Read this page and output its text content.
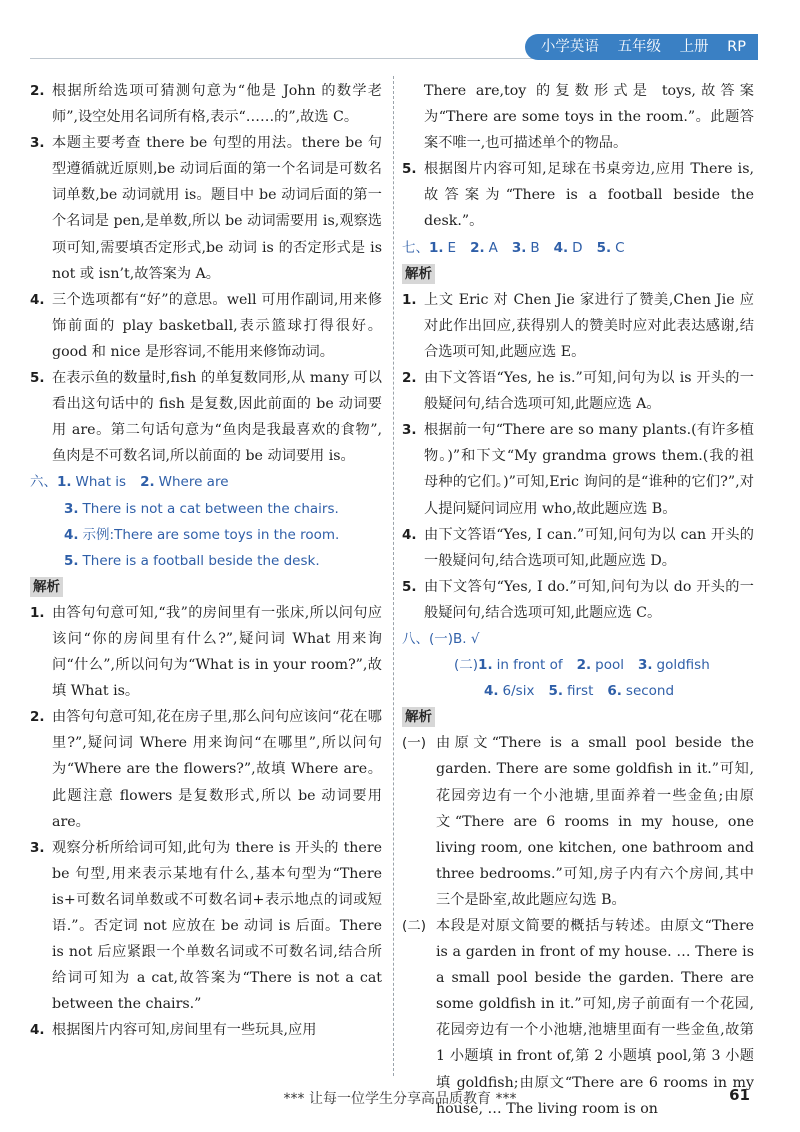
小学英语 五年级 上册 RP
2. 根据所给选项可猜测句意为“他是 John 的数学老师”,设空处用名词所有格,表示“……的”,故选 C。
3. 本题主要考查 there be 句型的用法。there be 句型遵循就近原则,be 动词后面的第一个名词是可数名词单数,be 动词就用 is。题目中 be 动词后面的第一个名词是 pen,是单数,所以 be 动词需要用 is,观察选项可知,需要填否定形式,be 动词 is 的否定形式是 is not 或 isn’t,故答案为 A。
4. 三个选项都有“好”的意思。well 可用作副词,用来修饰前面的 play basketball,表示篮球打得很好。good 和 nice 是形容词,不能用来修饰动词。
5. 在表示鱼的数量时,fish 的单复数同形,从 many 可以看出这句话中的 fish 是复数,因此前面的 be 动词要用 are。第二句话句意为“鱼肉是我最喜欢的食物”,鱼肉是不可数名词,所以前面的 be 动词要用 is。
六、1. What is 2. Where are
3. There is not a cat between the chairs.
4. 示例:There are some toys in the room.
5. There is a football beside the desk.
解析
1. 由答句句意可知,“我”的房间里有一张床,所以问句应该问“你的房间里有什么?”,疑问词 What 用来询问“什么”,所以问句为“What is in your room?”,故填 What is。
2. 由答句句意可知,花在房子里,那么问句应该问“花在哪里?”,疑问词 Where 用来询问“在哪里”,所以问句为“Where are the flowers?”,故填 Where are。此题注意 flowers 是复数形式,所以 be 动词要用 are。
3. 观察分析所给词可知,此句为 there is 开头的 there be 句型,用来表示某地有什么,基本句型为“There is+可数名词单数或不可数名词+表示地点的词或短语.”。否定词 not 应放在 be 动词 is 后面。There is not 后应紧跟一个单数名词或不可数名词,结合所给词可知为 a cat,故答案为“There is not a cat between the chairs.”
4. 根据图片内容可知,房间里有一些玩具,应用

There are,toy 的复数形式是 toys,故答案为“There are some toys in the room.”。此题答案不唯一,也可描述单个的物品。

5. 根据图片内容可知,足球在书桌旁边,应用 There is,故答案为“There is a football beside the desk.”。
七、1. E 2. A 3. B 4. D 5. C
解析
1. 上文 Eric 对 Chen Jie 家进行了赞美,Chen Jie 应对此作出回应,获得别人的赞美时应对此表达感谢,结合选项可知,此题应选 E。
2. 由下文答语“Yes, he is.”可知,问句为以 is 开头的一般疑问句,结合选项可知,此题应选 A。
3. 根据前一句“There are so many plants.(有许多植物。)”和下文“My grandma grows them.(我的祖母种的它们。)”可知,Eric 询问的是“谁种的它们?”,对人提问疑问词应用 who,故此题应选 B。
4. 由下文答语“Yes, I can.”可知,问句为以 can 开头的一般疑问句,结合选项可知,此题应选 D。
5. 由下文答句“Yes, I do.”可知,问句为以 do 开头的一般疑问句,结合选项可知,此题应选 C。
八、(一)B. √
(二)1. in front of 2. pool 3. goldfish
4. 6/six 5. first 6. second
解析
(一) 由原文“There is a small pool beside the garden. There are some goldfish in it.”可知,花园旁边有一个小池塘,里面养着一些金鱼;由原文“There are 6 rooms in my house, one living room, one kitchen, one bathroom and three bedrooms.”可知,房子内有六个房间,其中三个是卧室,故此题应勾选 B。
(二) 本段是对原文简要的概括与转述。由原文“There is a garden in front of my house. … There is a small pool beside the garden. There are some goldfish in it.”可知,房子前面有一个花园,花园旁边有一个小池塘,池塘里面有一些金鱼,故第 1 小题填 in front of,第 2 小题填 pool,第 3 小题填 goldfish;由原文“There are 6 rooms in my house, … The living room is on
*** 让每一位学生分享高品质教育 ***	61
